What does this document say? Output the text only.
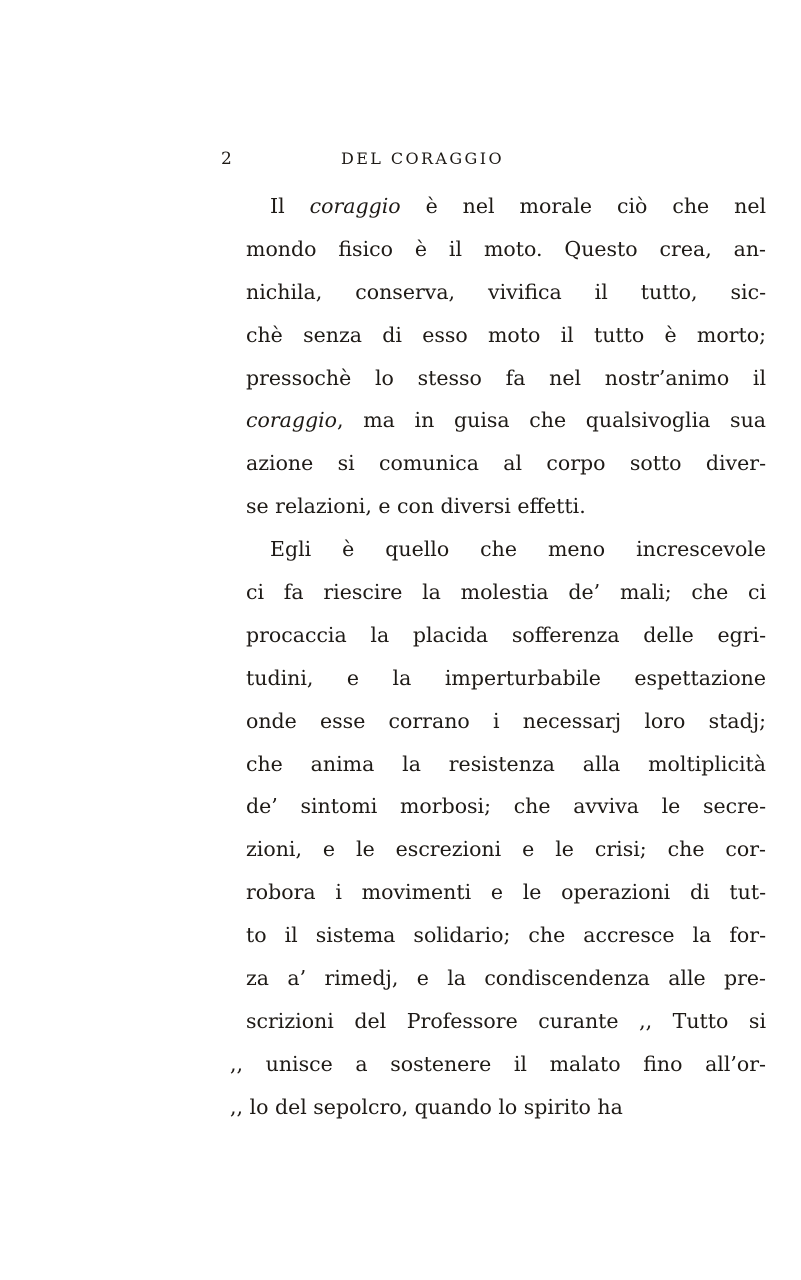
2	DEL CORAGGIO
Il coraggio è nel morale ciò che nel
mondo fisico è il moto. Questo crea, an-
nichila, conserva, vivifica il tutto, sic-
chè senza di esso moto il tutto è morto;
pressochè lo stesso fa nel nostr’animo il
coraggio, ma in guisa che qualsivoglia sua
azione si comunica al corpo sotto diver-
se relazioni, e con diversi effetti.
Egli è quello che meno increscevole
ci fa riescire la molestia de’ mali; che ci
procaccia la placida sofferenza delle egri-
tudini, e la imperturbabile espettazione
onde esse corrano i necessarj loro stadj;
che anima la resistenza alla moltiplicità
de’ sintomi morbosi; che avviva le secre-
zioni, e le escrezioni e le crisi; che cor-
robora i movimenti e le operazioni di tut-
to il sistema solidario; che accresce la for-
za a’ rimedj, e la condiscendenza alle pre-
scrizioni del Professore curante ,, Tutto si
,, unisce a sostenere il malato fino all’or-
,, lo del sepolcro, quando lo spirito ha
